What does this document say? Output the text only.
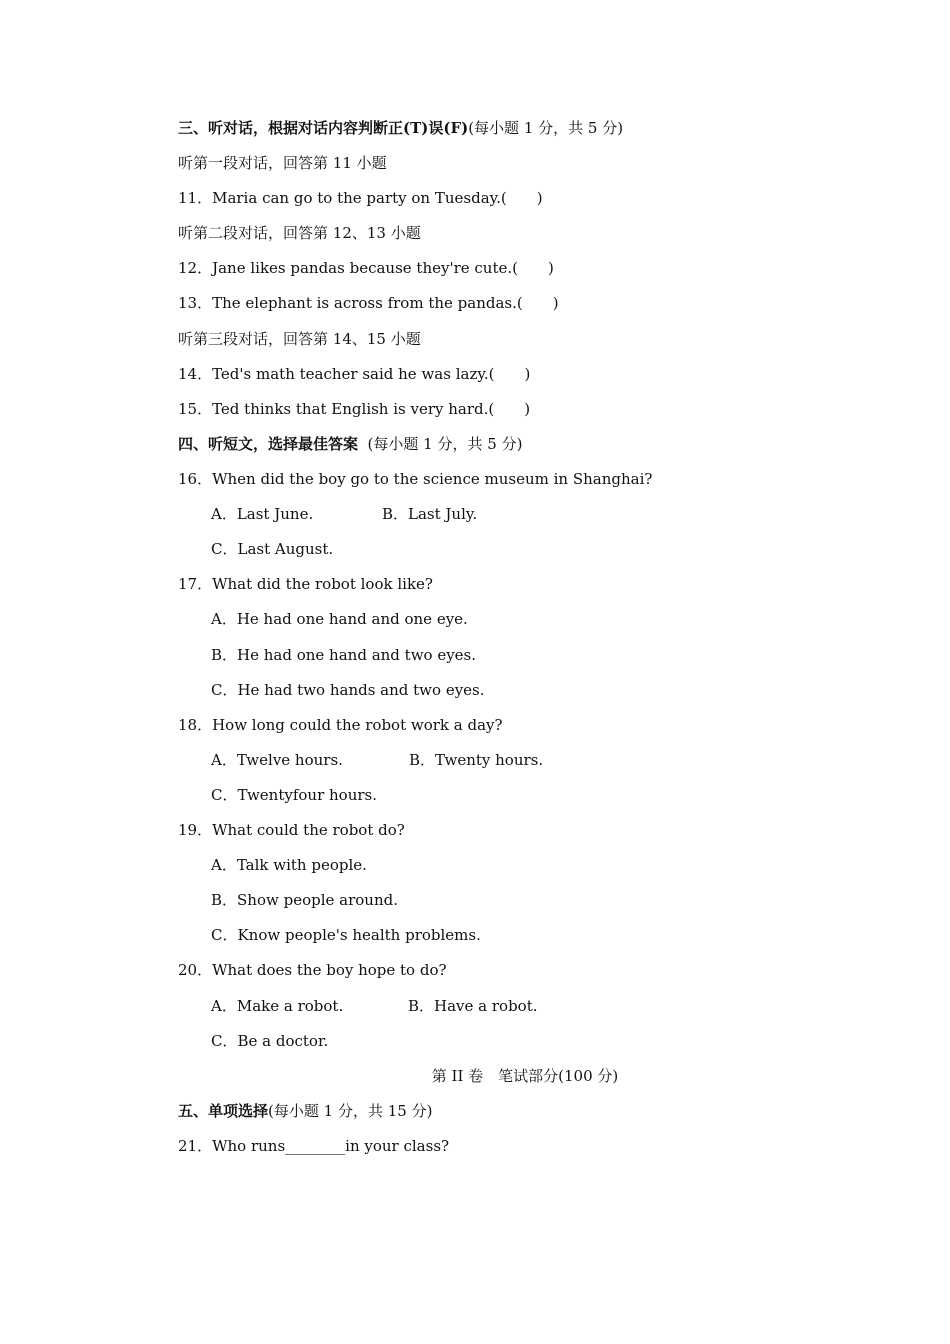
三、听对话，根据对话内容判断正(T)误(F)(每小题 1 分，共 5 分)
听第一段对话，回答第 11 小题
11．Maria can go to the party on Tuesday.(　　)
听第二段对话，回答第 12、13 小题
12．Jane likes pandas because they're cute.(　　)
13．The elephant is across from the pandas.(　　)
听第三段对话，回答第 14、15 小题
14．Ted's math teacher said he was lazy.(　　)
15．Ted thinks that English is very hard.(　　)
四、听短文，选择最佳答案  (每小题 1 分，共 5 分)
16．When did the boy go to the science museum in Shanghai?
A．Last June.	B．Last July.
C．Last August.
17．What did the robot look like?
A．He had one hand and one eye.
B．He had one hand and two eyes.
C．He had two hands and two eyes.
18．How long could the robot work a day?
A．Twelve hours.	B．Twenty hours.
C．Twentyfour hours.
19．What could the robot do?
A．Talk with people.
B．Show people around.
C．Know people's health problems.
20．What does the boy hope to do?
A．Make a robot.	B．Have a robot.
C．Be a doctor.
第 II 卷　笔试部分(100 分)
五、单项选择(每小题 1 分，共 15 分)
21．Who runs________in your class?
